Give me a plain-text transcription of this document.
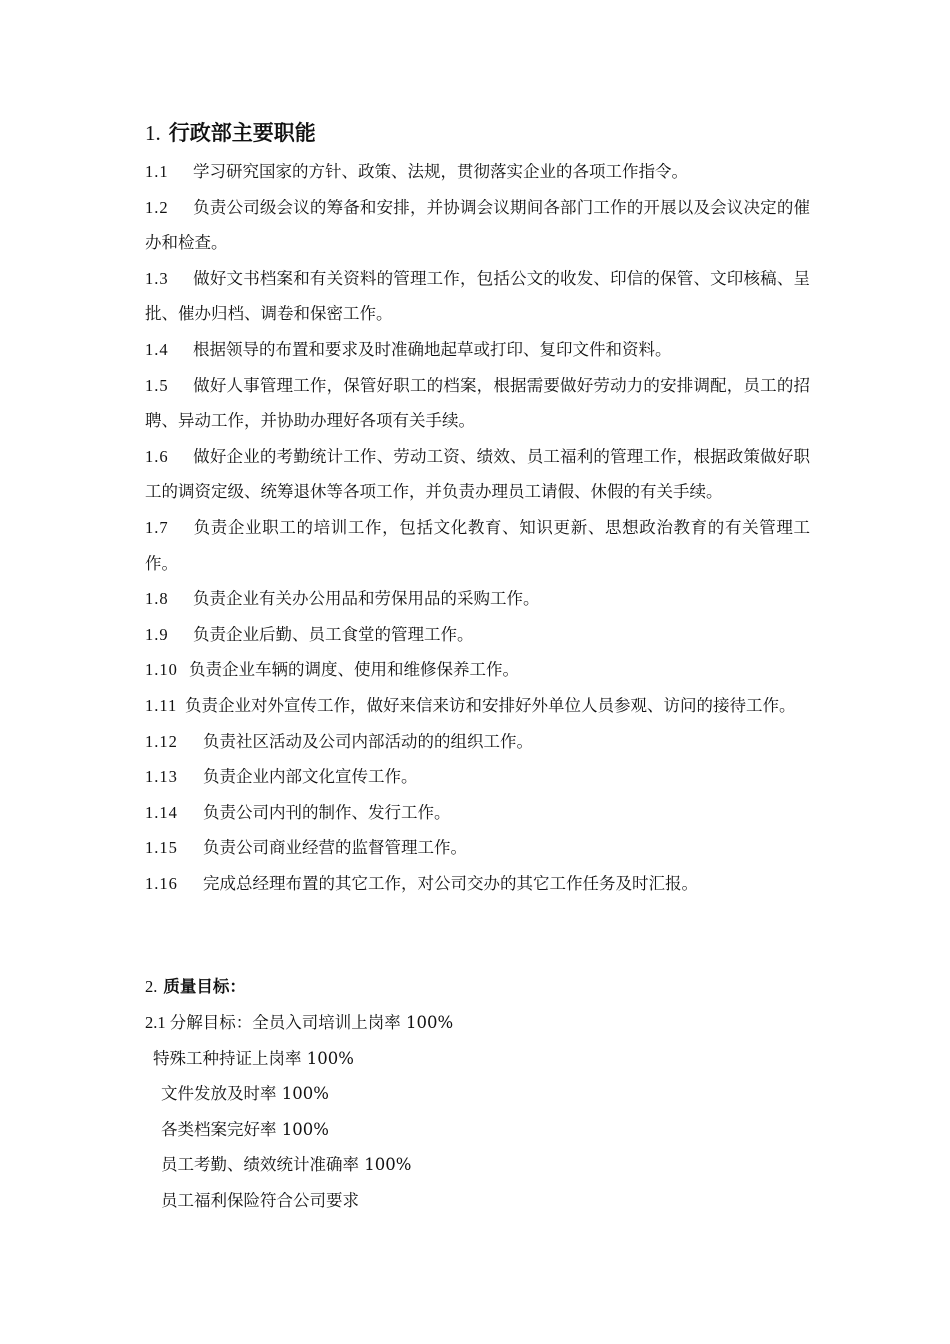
1. 行政部主要职能

1.1 学习研究国家的方针、政策、法规，贯彻落实企业的各项工作指令。

1.2 负责公司级会议的筹备和安排，并协调会议期间各部门工作的开展以及会议决定的催办和检查。

1.3 做好文书档案和有关资料的管理工作，包括公文的收发、印信的保管、文印核稿、呈批、催办归档、调卷和保密工作。

1.4 根据领导的布置和要求及时准确地起草或打印、复印文件和资料。

1.5 做好人事管理工作，保管好职工的档案，根据需要做好劳动力的安排调配，员工的招聘、异动工作，并协助办理好各项有关手续。

1.6 做好企业的考勤统计工作、劳动工资、绩效、员工福利的管理工作，根据政策做好职工的调资定级、统筹退休等各项工作，并负责办理员工请假、休假的有关手续。

1.7 负责企业职工的培训工作，包括文化教育、知识更新、思想政治教育的有关管理工作。

1.8 负责企业有关办公用品和劳保用品的采购工作。

1.9 负责企业后勤、员工食堂的管理工作。

1.10 负责企业车辆的调度、使用和维修保养工作。

1.11 负责企业对外宣传工作，做好来信来访和安排好外单位人员参观、访问的接待工作。

1.12 负责社区活动及公司内部活动的的组织工作。

1.13 负责企业内部文化宣传工作。

1.14 负责公司内刊的制作、发行工作。

1.15 负责公司商业经营的监督管理工作。

1.16 完成总经理布置的其它工作，对公司交办的其它工作任务及时汇报。

2. 质量目标：

2.1 分解目标：全员入司培训上岗率 100%

特殊工种持证上岗率 100%

文件发放及时率 100%

各类档案完好率 100%

员工考勤、绩效统计准确率 100%

员工福利保险符合公司要求
